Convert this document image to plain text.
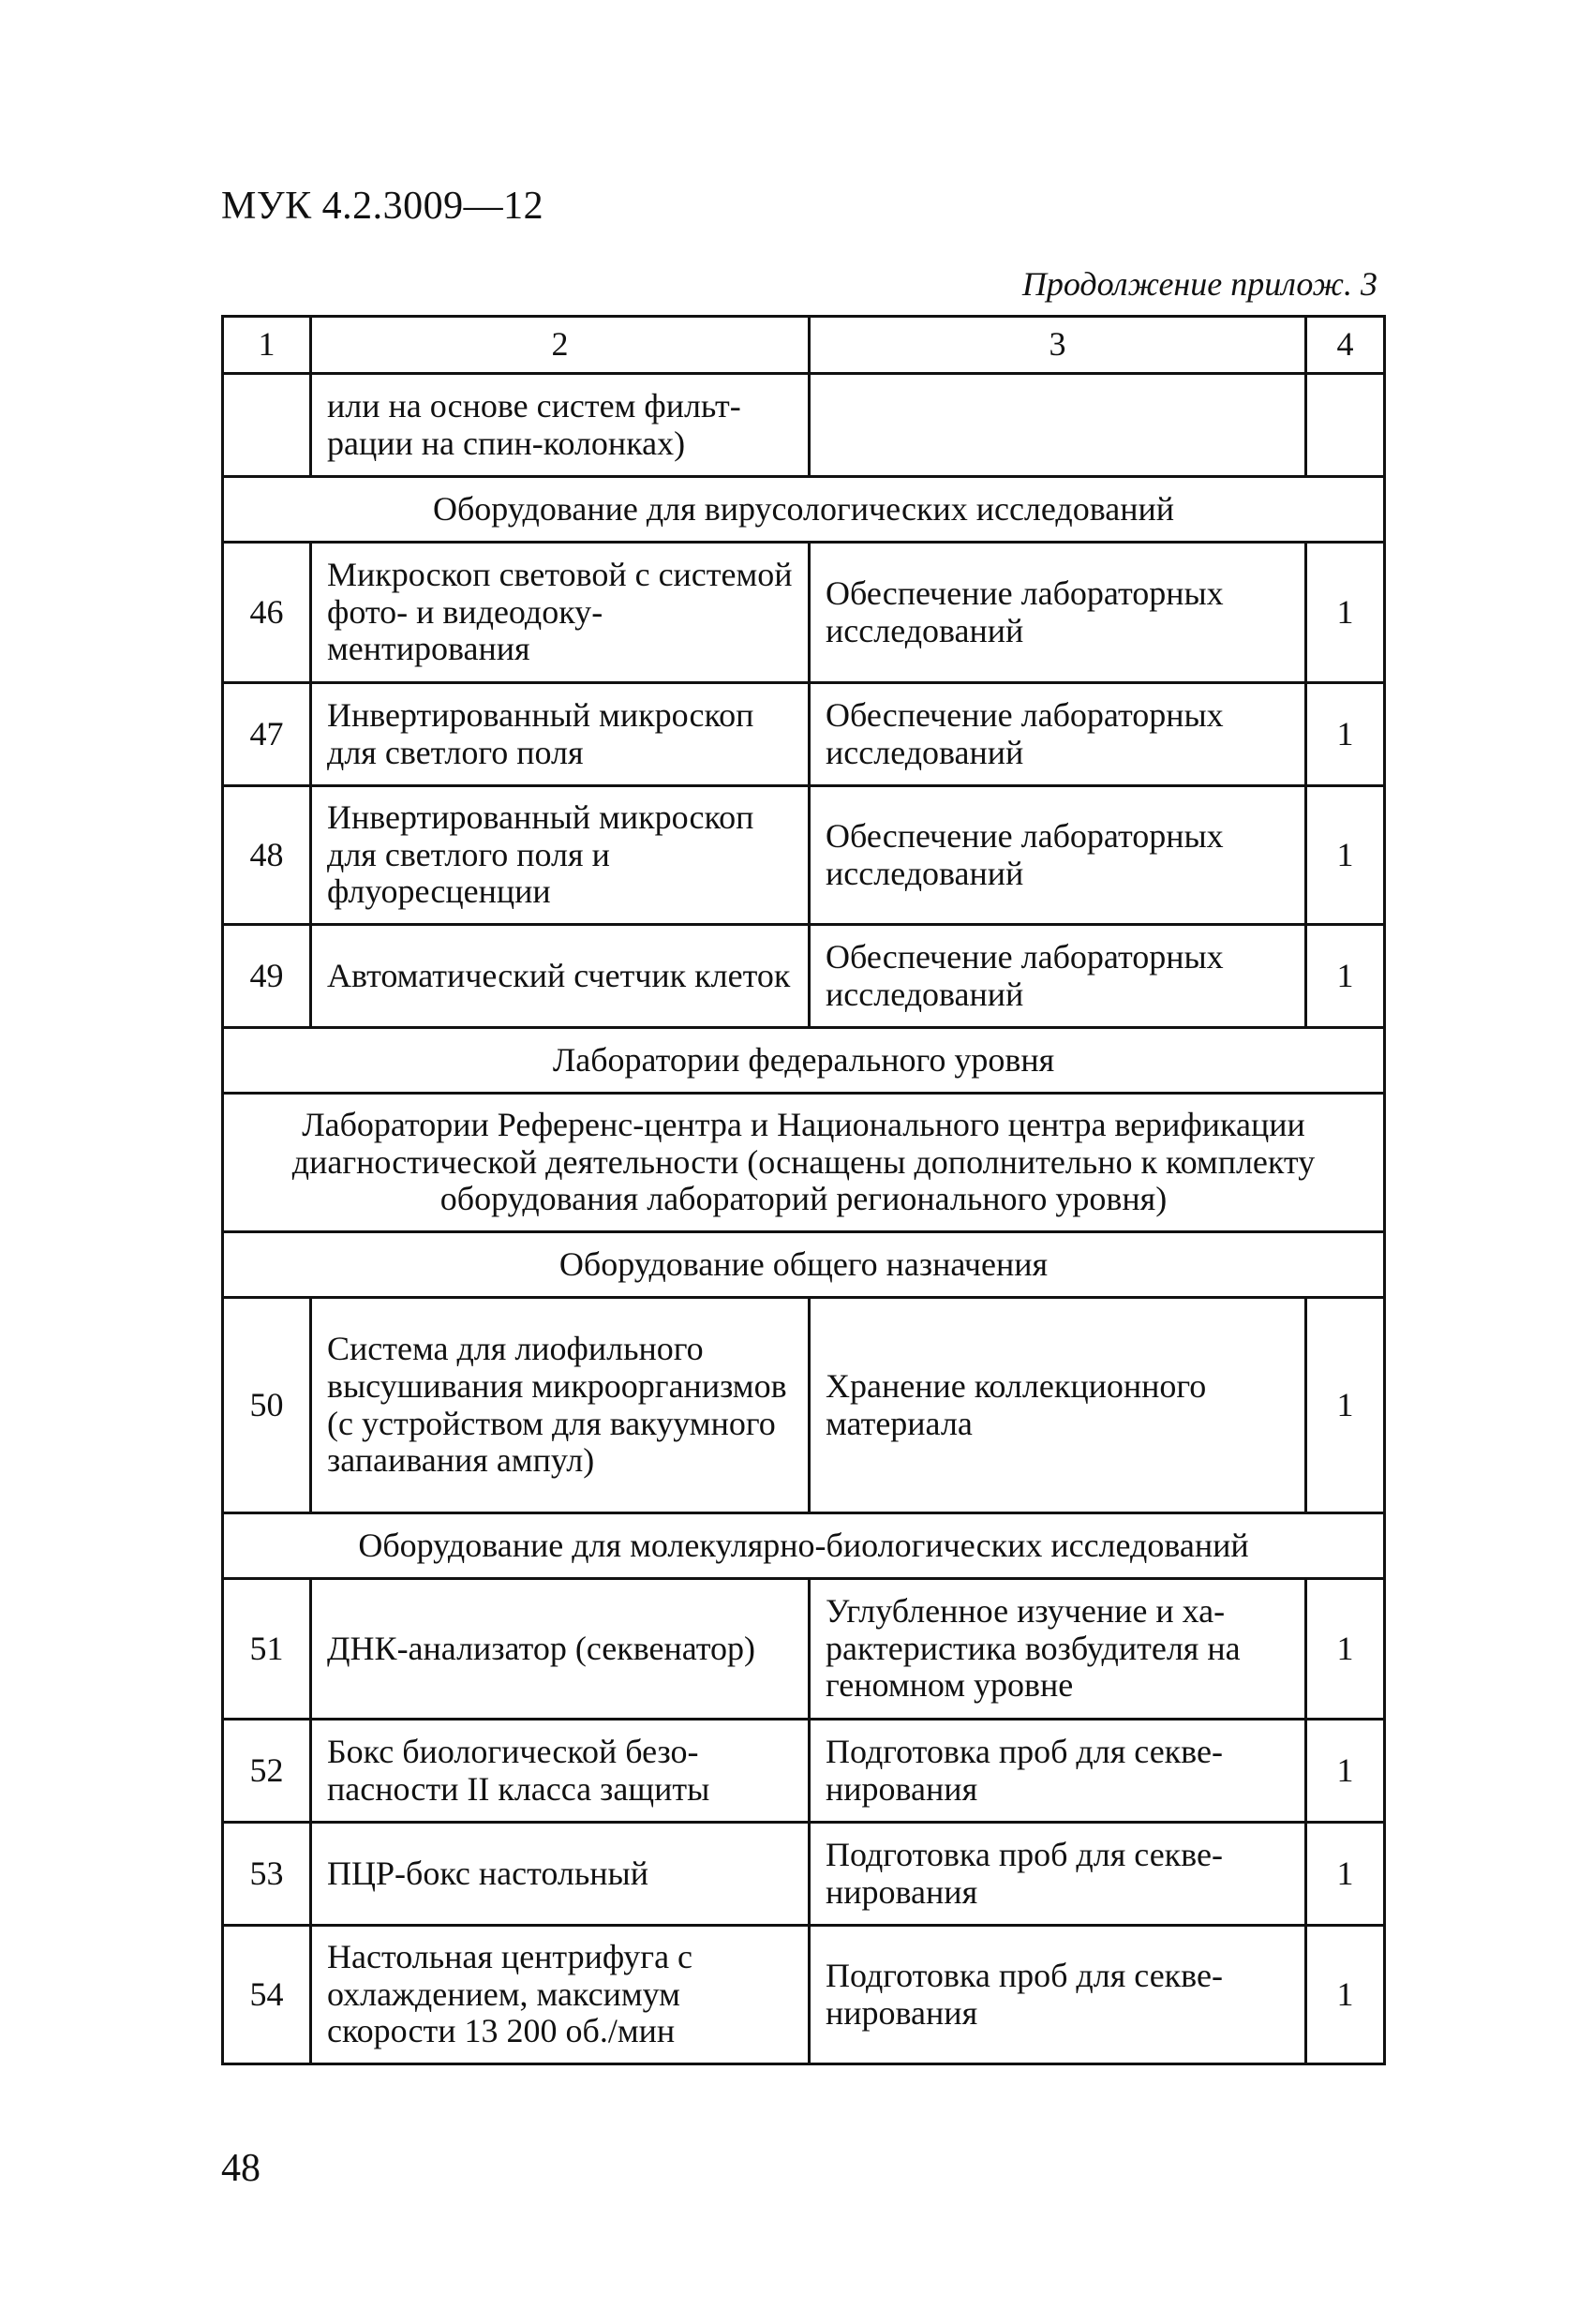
МУК 4.2.3009—12
Продолжение прилож. 3
1	2	3	4
	или на основе систем фильтрации на спин-колонках)		
Оборудование для вирусологических исследований			
46	Микроскоп световой с системой фото- и видеодокументирования	Обеспечение лабораторных исследований	1
47	Инвертированный микроскоп для светлого поля	Обеспечение лабораторных исследований	1
48	Инвертированный микроскоп для светлого поля и флуоресценции	Обеспечение лабораторных исследований	1
49	Автоматический счетчик клеток	Обеспечение лабораторных исследований	1
Лаборатории федерального уровня			
Лаборатории Референс-центра и Национального центра верификации диагностической деятельности (оснащены дополнительно к комплекту оборудования лабораторий регионального уровня)			
Оборудование общего назначения			
50	Система для лиофильного высушивания микроорганизмов (с устройством для вакуумного запаивания ампул)	Хранение коллекционного материала	1
Оборудование для молекулярно-биологических исследований			
51	ДНК-анализатор (секвенатор)	Углубленное изучение и характеристика возбудителя на геномном уровне	1
52	Бокс биологической безопасности II класса защиты	Подготовка проб для секвенирования	1
53	ПЦР-бокс настольный	Подготовка проб для секвенирования	1
54	Настольная центрифуга с охлаждением, максимум скорости 13 200 об./мин	Подготовка проб для секвенирования	1
48
